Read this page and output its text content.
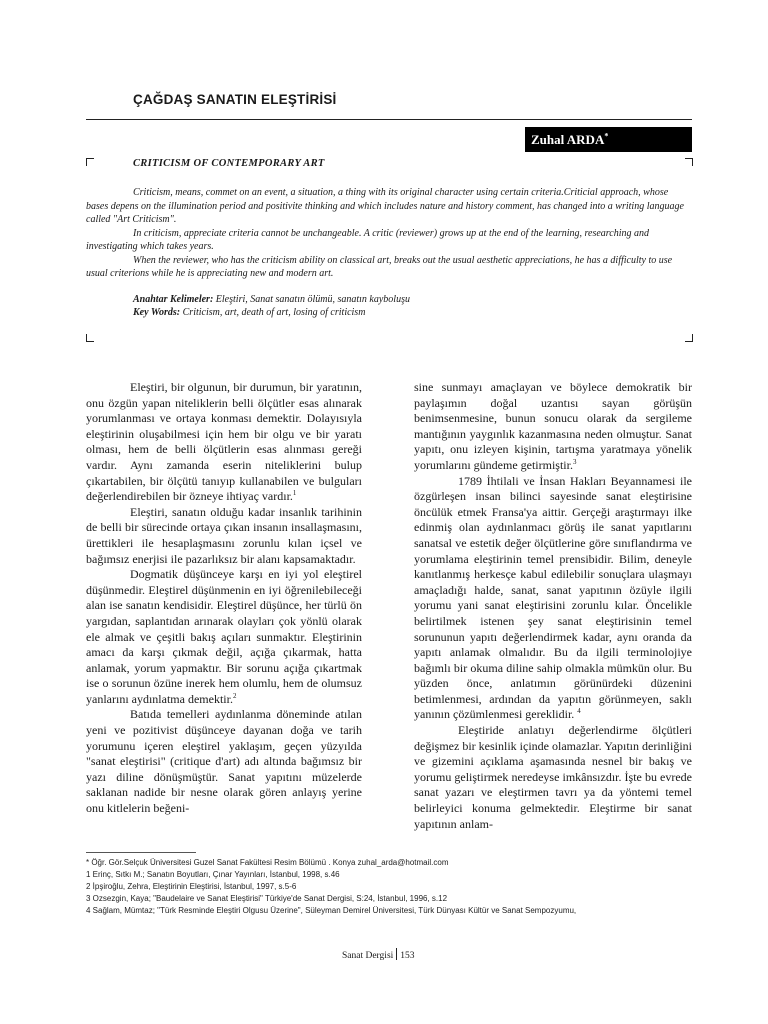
ÇAĞDAŞ SANATIN ELEŞTİRİSİ
Zuhal ARDA*
CRITICISM OF CONTEMPORARY ART

Criticism, means, commet on an event, a situation, a thing with its original character using certain criteria.Criticial approach, whose bases depens on the illumination period and positivite thinking and which includes nature and history comment, has changed into a writing language called "Art Criticism".

In criticism, appreciate criteria cannot be unchangeable. A critic (reviewer) grows up at the end of the learning, researching and investigating which takes years.

When the reviewer, who has the criticism ability on classical art, breaks out the usual aesthetic appreciations, he has a difficulty to use usual criterions while he is appreciating new and modern art.

Anahtar Kelimeler: Eleştiri, Sanat sanatın ölümü, sanatın kayboluşu
Key Words: Criticism, art, death of art, losing of criticism

Eleştiri, bir olgunun, bir durumun, bir yaratının, onu özgün yapan niteliklerin belli ölçütler esas alınarak yorumlanması ve ortaya konması demektir. Dolayısıyla eleştirinin oluşabilmesi için hem bir olgu ve bir yaratı olması, hem de belli ölçütlerin esas alınması gereği vardır. Aynı zamanda eserin niteliklerini bulup çıkartabilen, bir ölçütü tanıyıp kullanabilen ve bulguları değerlendirebilen bir özneye ihtiyaç vardır.$^1$

Eleştiri, sanatın olduğu kadar insanlık tarihinin de belli bir sürecinde ortaya çıkan insanın insallaşmasını, ürettikleri ile hesaplaşmasını zorunlu kılan içsel ve bağımsız enerjisi ile pazarlıksız bir alanı kapsamaktadır.

Dogmatik düşünceye karşı en iyi yol eleştirel düşünmedir. Eleştirel düşünmenin en iyi öğrenilebileceği alan ise sanatın kendisidir. Eleştirel düşünce, her türlü ön yargıdan, saplantıdan arınarak olayları çok yönlü olarak ele almak ve çeşitli bakış açıları sunmaktır. Eleştirinin amacı da karşı çıkmak değil, açığa çıkarmak, hatta anlamak, yorum yapmaktır. Bir sorunu açığa çıkartmak ise o sorunun özüne inerek hem olumlu, hem de olumsuz yanlarını aydınlatma demektir.$^2$

Batıda temelleri aydınlanma döneminde atılan yeni ve pozitivist düşünceye dayanan doğa ve tarih yorumunu içeren eleştirel yaklaşım, geçen yüzyılda "sanat eleştirisi" (critique d'art) adı altında bağımsız bir yazı diline dönüşmüştür. Sanat yapıtını müzelerde saklanan nadide bir nesne olarak gören anlayış yerine onu kitlelerin beğeni-

sine sunmayı amaçlayan ve böylece demokratik bir paylaşımın doğal uzantısı sayan görüşün benimsenmesine, bunun sonucu olarak da sergileme mantığının yaygınlık kazanmasına neden olmuştur. Sanat yapıtı, onu izleyen kişinin, tartışma yaratmaya yönelik yorumlarını gündeme getirmiştir.$^3$

1789 İhtilali ve İnsan Hakları Beyannamesi ile özgürleşen insan bilinci sayesinde sanat eleştirisine öncülük etmek Fransa'ya aittir. Gerçeği araştırmayı ilke edinmiş olan aydınlanmacı görüş ile sanat yapıtlarını sanatsal ve estetik değer ölçütlerine göre sınıflandırma ve yorumlama eleştirinin temel prensibidir. Bilim, deneyle kanıtlanmış herkesçe kabul edilebilir sonuçlara ulaşmayı amaçladığı halde, sanat, sanat yapıtının özüyle ilgili yorumu yani sanat eleştirisini zorunlu kılar. Öncelikle belirtilmek istenen şey sanat eleştirisinin temel sorununun yapıtı değerlendirmek kadar, aynı oranda da yapıtı anlamak olmalıdır. Bu da ilgili terminolojiye bağımlı bir okuma diline sahip olmakla mümkün olur. Bu yüzden önce, anlatımın görünürdeki düzenini betimlenmesi, ardından da yapıtın görünmeyen, saklı yanının çözümlenmesi gereklidir. $^4$

Eleştiride anlatıyı değerlendirme ölçütleri değişmez bir kesinlik içinde olamazlar. Yapıtın derinliğini ve gizemini açıklama aşamasında nesnel bir bakış ve yorumu geliştirmek neredeyse imkânsızdır. İşte bu evrede sanat yazarı ve eleştirmen tavrı ya da yöntemi temel belirleyici konuma gelmektedir. Eleştirme bir sanat yapıtının anlam-

* Öğr. Gör.Selçuk Üniversitesi Guzel Sanat Fakültesi Resim Bölümü . Konya zuhal_arda@hotmail.com
1 Erinç, Sıtkı M.; Sanatın Boyutları, Çınar Yayınları, İstanbul, 1998, s.46
2 İpşiroğlu, Zehra, Eleştirinin Eleştirisi, İstanbul, 1997, s.5-6
3 Ozsezgin, Kaya; "Baudelaire ve Sanat Eleştirisi" Türkiye'de Sanat Dergisi, S:24, İstanbul, 1996, s.12
4 Sağlam, Mümtaz; "Türk Resminde Eleştiri Olgusu Üzerine", Süleyman Demirel Üniversitesi, Türk Dünyası Kültür ve Sanat Sempozyumu,
Sanat Dergisi 153
